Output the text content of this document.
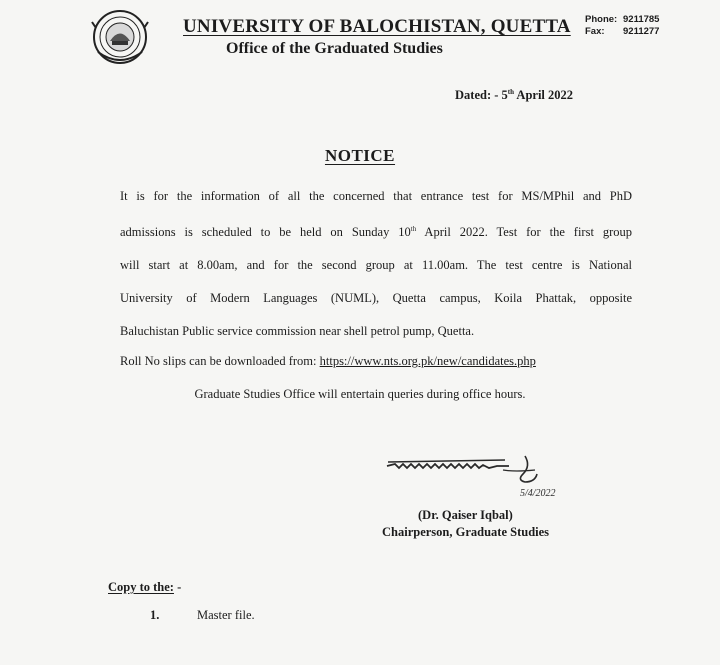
UNIVERSITY OF BALOCHISTAN, QUETTA
Office of the Graduated Studies
Phone: 9211785
Fax:	9211277
Dated: - 5th April 2022
NOTICE
It is for the information of all the concerned that entrance test for MS/MPhil and PhD
admissions is scheduled to be held on Sunday 10th April 2022. Test for the first group
will start at 8.00am, and for the second group at 11.00am. The test centre is National
University of Modern Languages (NUML), Quetta campus, Koila Phattak, opposite
Baluchistan Public service commission near shell petrol pump, Quetta.
Roll No slips can be downloaded from: https://www.nts.org.pk/new/candidates.php
Graduate Studies Office will entertain queries during office hours.
5/4/2022
(Dr. Qaiser Iqbal)
Chairperson, Graduate Studies
Copy to the: -
1.	Master file.
